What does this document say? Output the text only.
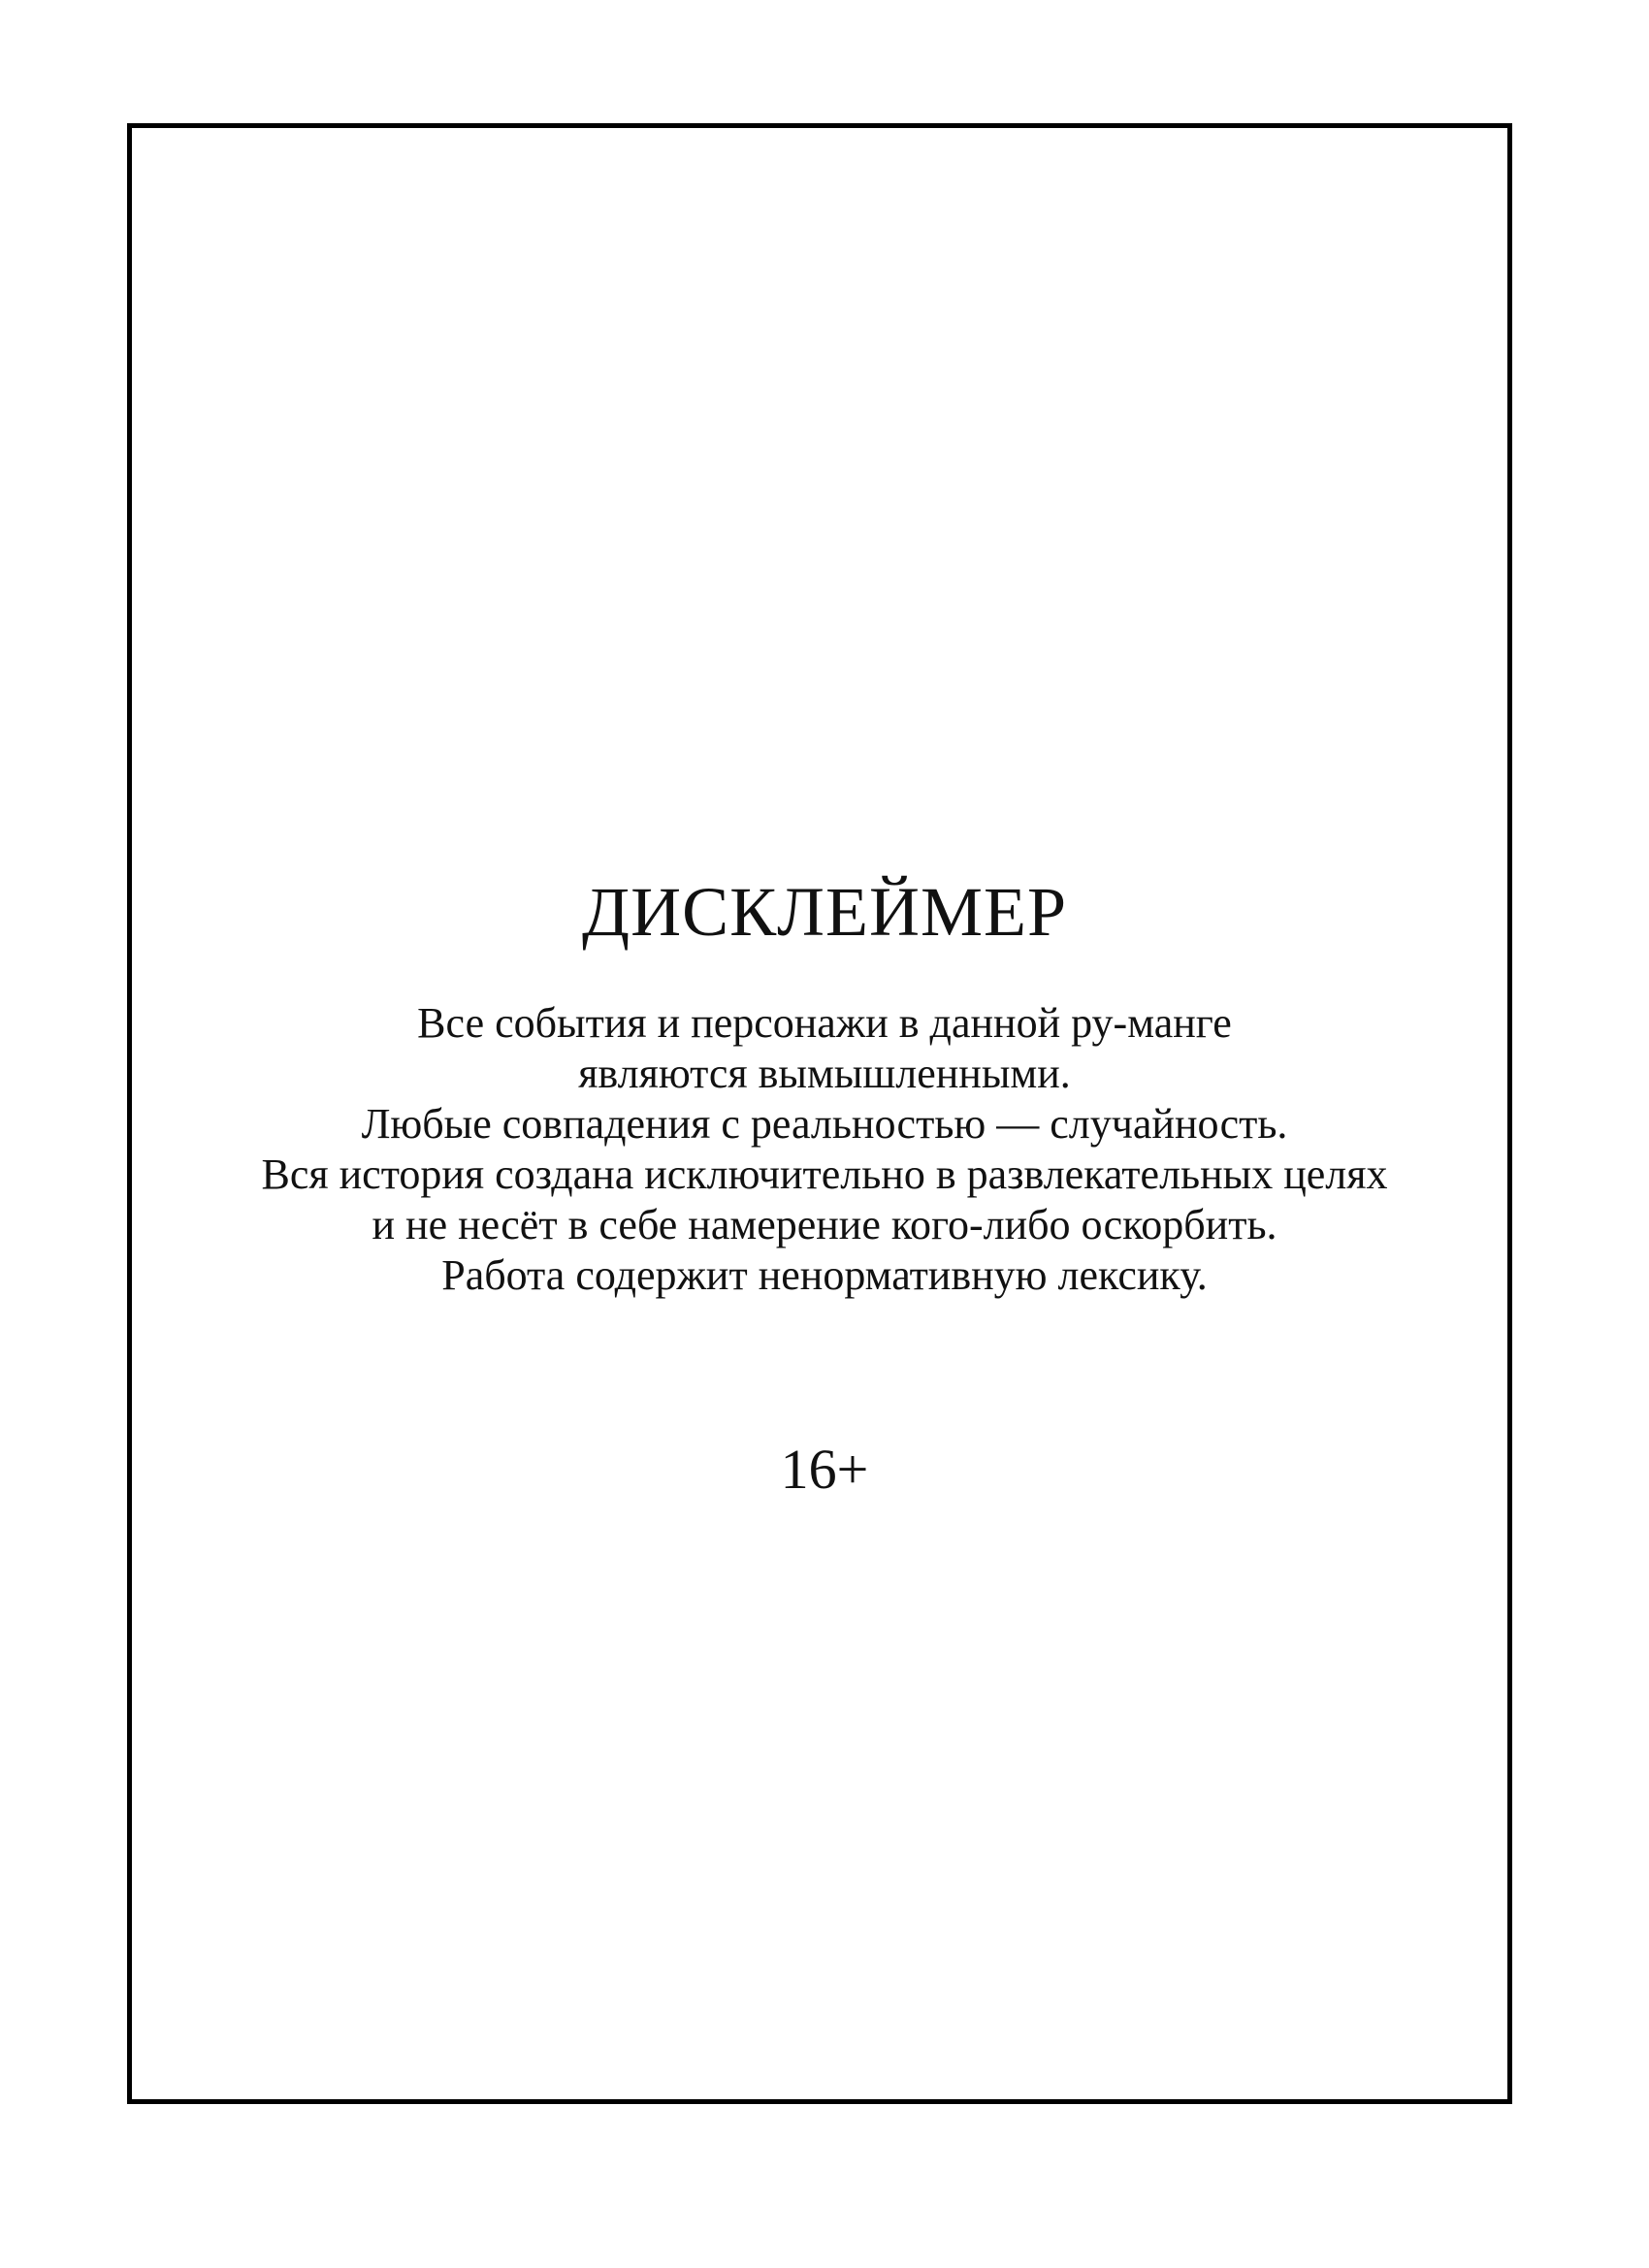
ДИСКЛЕЙМЕР
Все события и персонажи в данной ру-манге
являются вымышленными.
Любые совпадения с реальностью — случайность.
Вся история создана исключительно в развлекательных целях
и не несёт в себе намерение кого-либо оскорбить.
Работа содержит ненормативную лексику.
16+
